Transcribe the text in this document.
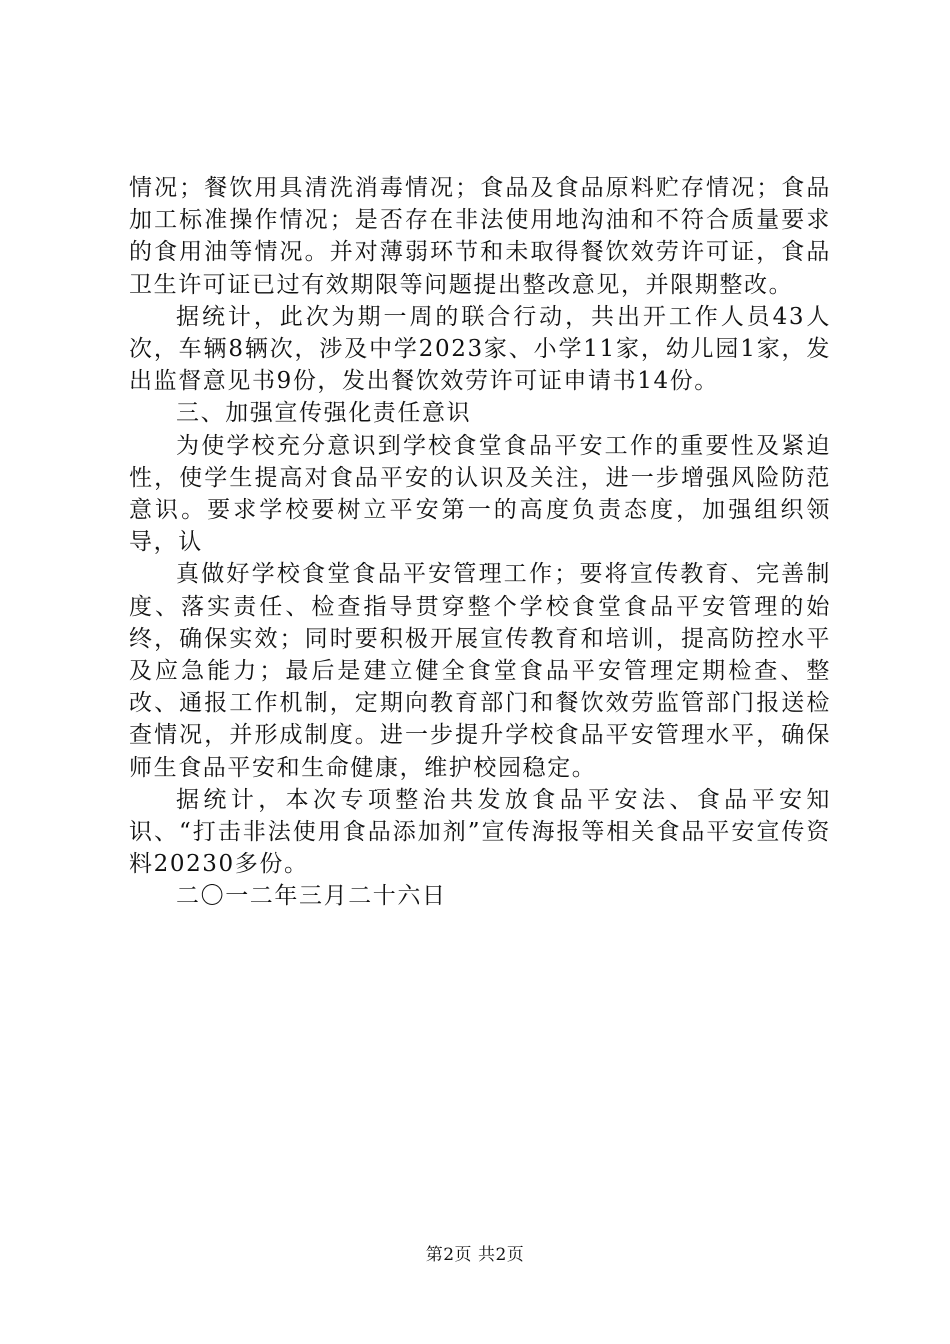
情况；餐饮用具清洗消毒情况；食品及食品原料贮存情况；食品加工标准操作情况；是否存在非法使用地沟油和不符合质量要求的食用油等情况。并对薄弱环节和未取得餐饮效劳许可证，食品卫生许可证已过有效期限等问题提出整改意见，并限期整改。

据统计，此次为期一周的联合行动，共出开工作人员43人次，车辆8辆次，涉及中学2023家、小学11家，幼儿园1家，发出监督意见书9份，发出餐饮效劳许可证申请书14份。

三、加强宣传强化责任意识

为使学校充分意识到学校食堂食品平安工作的重要性及紧迫性，使学生提高对食品平安的认识及关注，进一步增强风险防范意识。要求学校要树立平安第一的高度负责态度，加强组织领导，认

真做好学校食堂食品平安管理工作；要将宣传教育、完善制度、落实责任、检查指导贯穿整个学校食堂食品平安管理的始终，确保实效；同时要积极开展宣传教育和培训，提高防控水平及应急能力；最后是建立健全食堂食品平安管理定期检查、整改、通报工作机制，定期向教育部门和餐饮效劳监管部门报送检查情况，并形成制度。进一步提升学校食品平安管理水平，确保师生食品平安和生命健康，维护校园稳定。

据统计，本次专项整治共发放食品平安法、食品平安知识、“打击非法使用食品添加剂”宣传海报等相关食品平安宣传资料20230多份。

二〇一二年三月二十六日

第2页 共2页
